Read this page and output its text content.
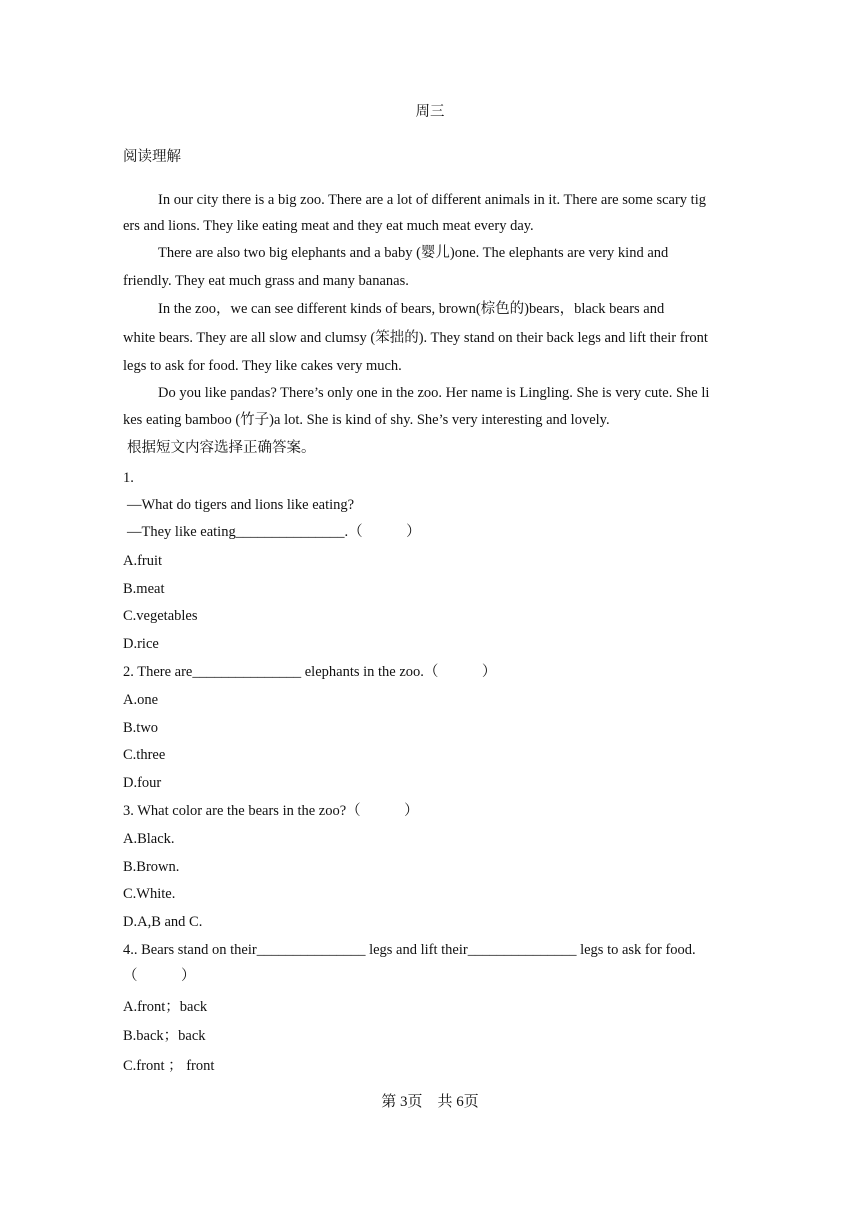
周三
阅读理解
In our city there is a big zoo. There are a lot of different animals in it. There are some scary tig
ers and lions. They like eating meat and they eat much meat every day.
There are also two big elephants and a baby (婴儿)one. The elephants are very kind and
friendly. They eat much grass and many bananas.
In the zoo，we can see different kinds of bears, brown(棕色的)bears，black bears and
white bears. They are all slow and clumsy (笨拙的). They stand on their back legs and lift their front
legs to ask for food. They like cakes very much.
Do you like pandas? There’s only one in the zoo. Her name is Lingling. She is very cute. She li
kes eating bamboo (竹子)a lot. She is kind of shy. She’s very interesting and lovely.
根据短文内容选择正确答案。
1.
—What do tigers and lions like eating?
—They like eating_______________.（　　　）
A.fruit
B.meat
C.vegetables
D.rice
2. There are_______________ elephants in the zoo.（　　　）
A.one
B.two
C.three
D.four
3. What color are the bears in the zoo?（　　　）
A.Black.
B.Brown.
C.White.
D.A,B and C.
4.. Bears stand on their_______________ legs and lift their_______________ legs to ask for food.
（　　　）
A.front；back
B.back；back
C.front ； front
第 3页　共 6页
